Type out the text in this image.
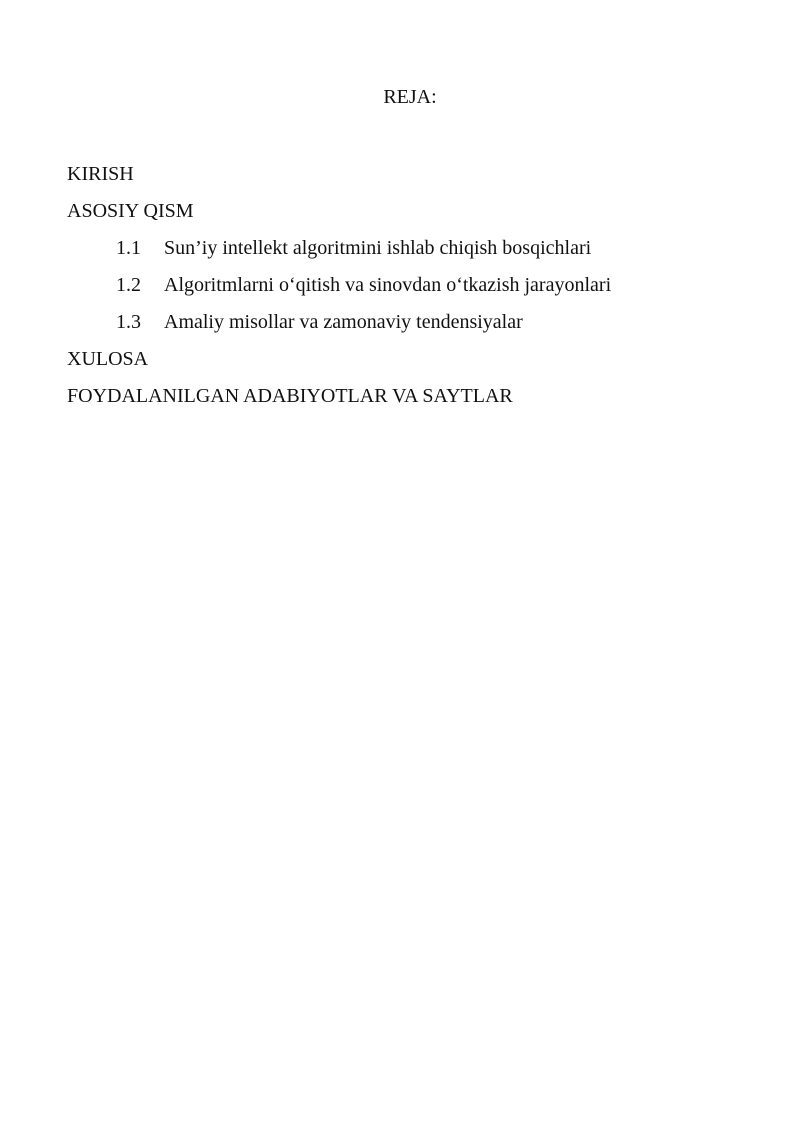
REJA:
KIRISH
ASOSIY QISM
1.1	Sun’iy intellekt algoritmini ishlab chiqish bosqichlari
1.2	Algoritmlarni o‘qitish va sinovdan o‘tkazish jarayonlari
1.3	Amaliy misollar va zamonaviy tendensiyalar
XULOSA
FOYDALANILGAN ADABIYOTLAR VA SAYTLAR
